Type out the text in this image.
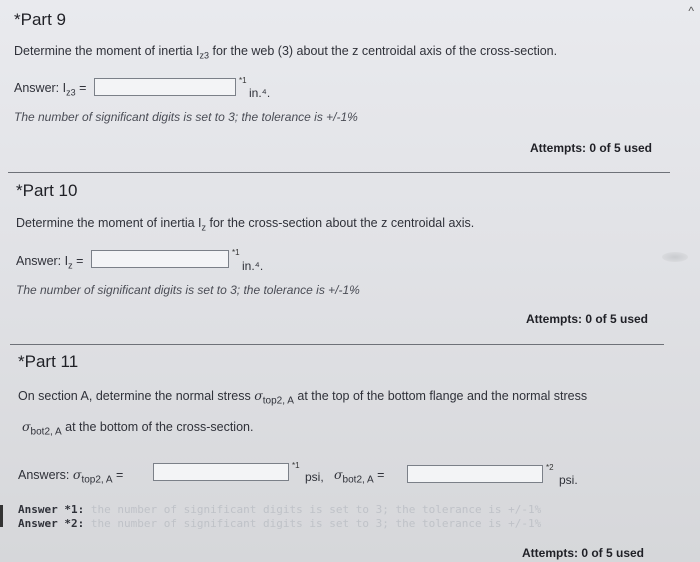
^
*Part 9
Determine the moment of inertia $I_{z3}$ for the web (3) about the z centroidal axis of the cross-section.
Answer: $I_{z3}$ =
*1
in.⁴.
The number of significant digits is set to 3; the tolerance is +/-1%
Attempts: 0 of 5 used
*Part 10
Determine the moment of inertia $I_z$ for the cross-section about the z centroidal axis.
Answer: $I_z$ =
*1
in.⁴.
The number of significant digits is set to 3; the tolerance is +/-1%
Attempts: 0 of 5 used
*Part 11
On section A, determine the normal stress $\sigma_{top2, A}$ at the top of the bottom flange and the normal stress
$\sigma_{bot2, A}$ at the bottom of the cross-section.
Answers: $\sigma_{top2, A}$ =
*1
psi, $\sigma_{bot2, A}$ =
*2
psi.
Answer *1: the number of significant digits is set to 3; the tolerance is +/-1%
Answer *2: the number of significant digits is set to 3; the tolerance is +/-1%
Attempts: 0 of 5 used
